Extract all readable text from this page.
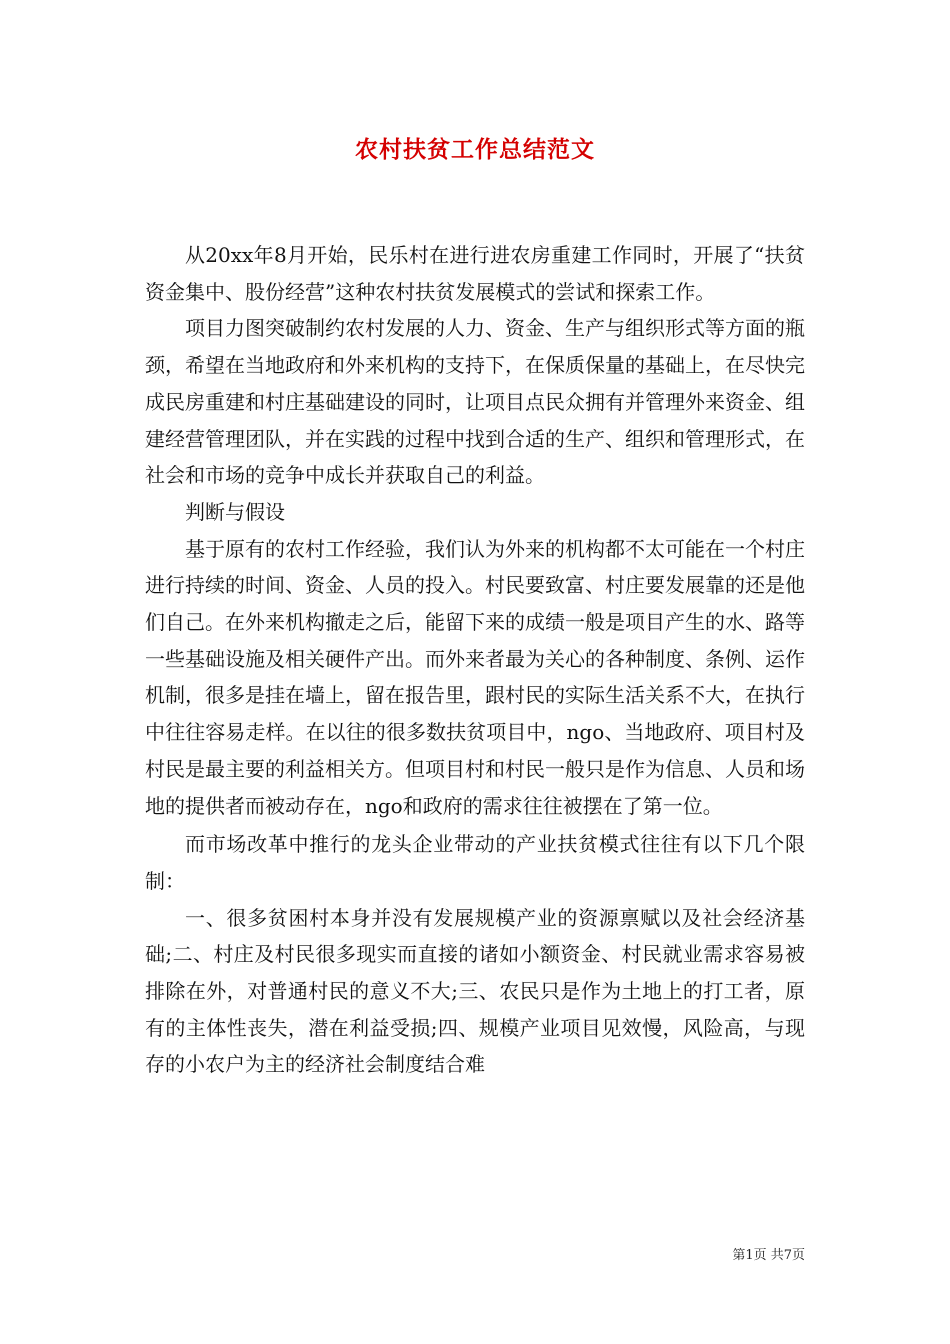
农村扶贫工作总结范文

从20xx年8月开始，民乐村在进行进农房重建工作同时，开展了“扶贫资金集中、股份经营”这种农村扶贫发展模式的尝试和探索工作。

项目力图突破制约农村发展的人力、资金、生产与组织形式等方面的瓶颈，希望在当地政府和外来机构的支持下，在保质保量的基础上，在尽快完成民房重建和村庄基础建设的同时，让项目点民众拥有并管理外来资金、组建经营管理团队，并在实践的过程中找到合适的生产、组织和管理形式，在社会和市场的竞争中成长并获取自己的利益。

判断与假设

基于原有的农村工作经验，我们认为外来的机构都不太可能在一个村庄进行持续的时间、资金、人员的投入。村民要致富、村庄要发展靠的还是他们自己。在外来机构撤走之后，能留下来的成绩一般是项目产生的水、路等一些基础设施及相关硬件产出。而外来者最为关心的各种制度、条例、运作机制，很多是挂在墙上，留在报告里，跟村民的实际生活关系不大，在执行中往往容易走样。在以往的很多数扶贫项目中，ngo、当地政府、项目村及村民是最主要的利益相关方。但项目村和村民一般只是作为信息、人员和场地的提供者而被动存在，ngo和政府的需求往往被摆在了第一位。

而市场改革中推行的龙头企业带动的产业扶贫模式往往有以下几个限制：

一、很多贫困村本身并没有发展规模产业的资源禀赋以及社会经济基础;二、村庄及村民很多现实而直接的诸如小额资金、村民就业需求容易被排除在外，对普通村民的意义不大;三、农民只是作为土地上的打工者，原有的主体性丧失，潜在利益受损;四、规模产业项目见效慢，风险高，与现存的小农户为主的经济社会制度结合难

第1页 共7页
